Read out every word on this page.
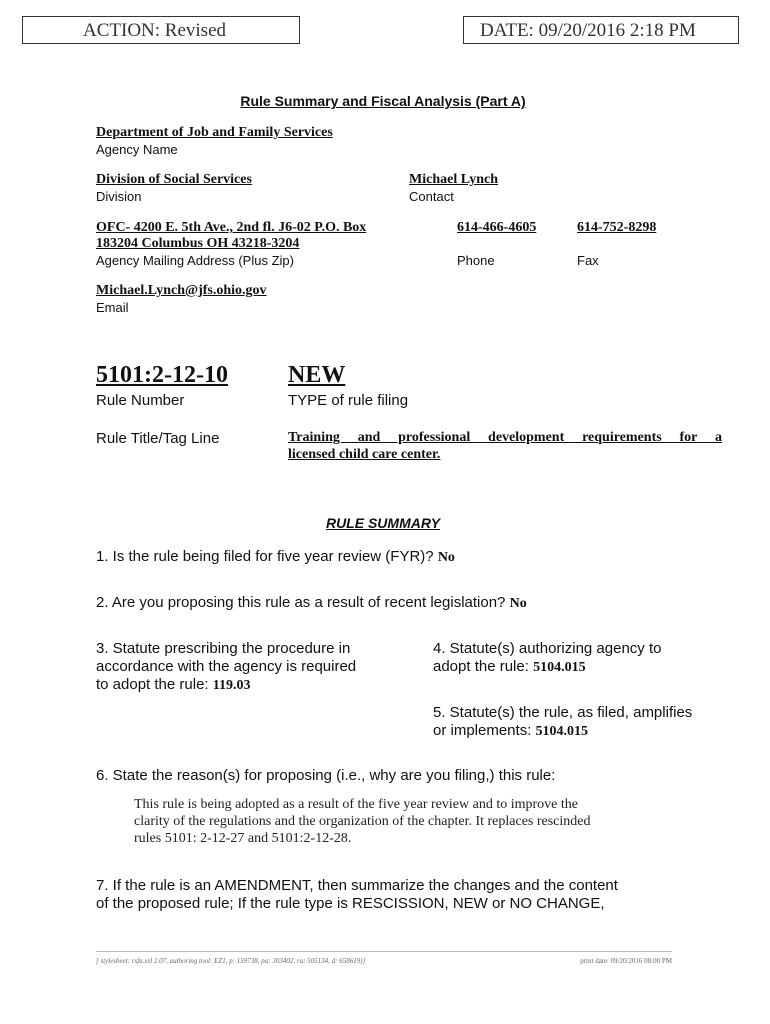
ACTION: Revised	DATE: 09/20/2016 2:18 PM
Rule Summary and Fiscal Analysis (Part A)
Department of Job and Family Services
Agency Name
Division of Social Services
Division
Michael Lynch
Contact
OFC- 4200 E. 5th Ave., 2nd fl. J6-02 P.O. Box
183204 Columbus OH 43218-3204
Agency Mailing Address (Plus Zip)
614-466-4605
Phone
614-752-8298
Fax
Michael.Lynch@jfs.ohio.gov
Email
5101:2-12-10
Rule Number
NEW
TYPE of rule filing
Rule Title/Tag Line	Training and professional development requirements for a
licensed child care center.
RULE SUMMARY
1. Is the rule being filed for five year review (FYR)? No
2. Are you proposing this rule as a result of recent legislation? No
3. Statute prescribing the procedure in
accordance with the agency is required
to adopt the rule: 119.03
4. Statute(s) authorizing agency to
adopt the rule: 5104.015
5. Statute(s) the rule, as filed, amplifies
or implements: 5104.015
6. State the reason(s) for proposing (i.e., why are you filing,) this rule:
This rule is being adopted as a result of the five year review and to improve the
clarity of the regulations and the organization of the chapter. It replaces rescinded
rules 5101: 2-12-27 and 5101:2-12-28.
7. If the rule is an AMENDMENT, then summarize the changes and the content
of the proposed rule; If the rule type is RESCISSION, NEW or NO CHANGE,
[ stylesheet: rsfa.xsl 2.07, authoring tool: EZ1, p: 159738, pa: 303402, ra: 505134, d: 658619)]	print date: 09/20/2016 08:00 PM
